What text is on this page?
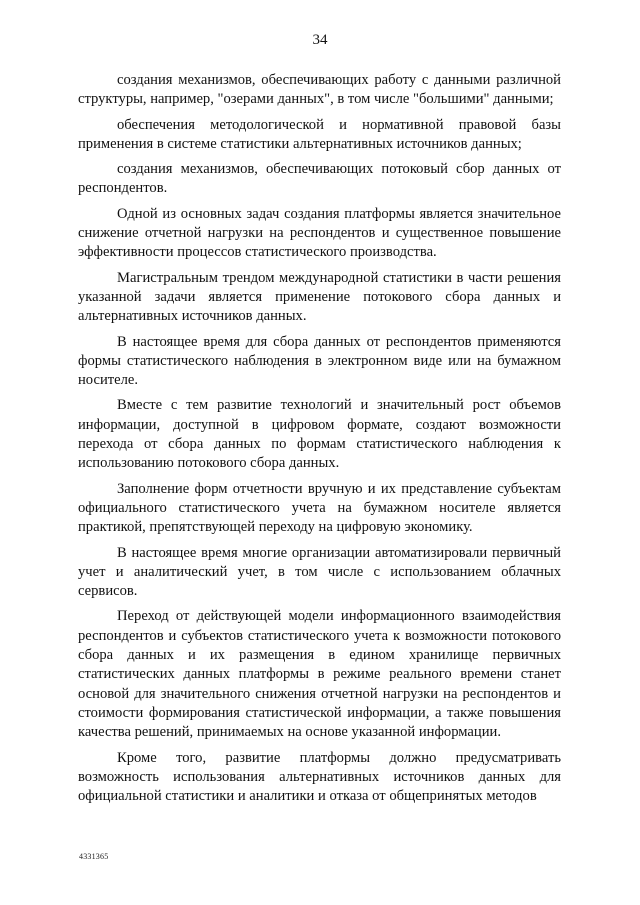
34

создания механизмов, обеспечивающих работу с данными различной структуры, например, "озерами данных", в том числе "большими" данными;

обеспечения методологической и нормативной правовой базы применения в системе статистики альтернативных источников данных;

создания механизмов, обеспечивающих потоковый сбор данных от респондентов.

Одной из основных задач создания платформы является значительное снижение отчетной нагрузки на респондентов и существенное повышение эффективности процессов статистического производства.

Магистральным трендом международной статистики в части решения указанной задачи является применение потокового сбора данных и альтернативных источников данных.

В настоящее время для сбора данных от респондентов применяются формы статистического наблюдения в электронном виде или на бумажном носителе.

Вместе с тем развитие технологий и значительный рост объемов информации, доступной в цифровом формате, создают возможности перехода от сбора данных по формам статистического наблюдения к использованию потокового сбора данных.

Заполнение форм отчетности вручную и их представление субъектам официального статистического учета на бумажном носителе является практикой, препятствующей переходу на цифровую экономику.

В настоящее время многие организации автоматизировали первичный учет и аналитический учет, в том числе с использованием облачных сервисов.

Переход от действующей модели информационного взаимодействия респондентов и субъектов статистического учета к возможности потокового сбора данных и их размещения в едином хранилище первичных статистических данных платформы в режиме реального времени станет основой для значительного снижения отчетной нагрузки на респондентов и стоимости формирования статистической информации, а также повышения качества решений, принимаемых на основе указанной информации.

Кроме того, развитие платформы должно предусматривать возможность использования альтернативных источников данных для официальной статистики и аналитики и отказа от общепринятых методов

4331365
